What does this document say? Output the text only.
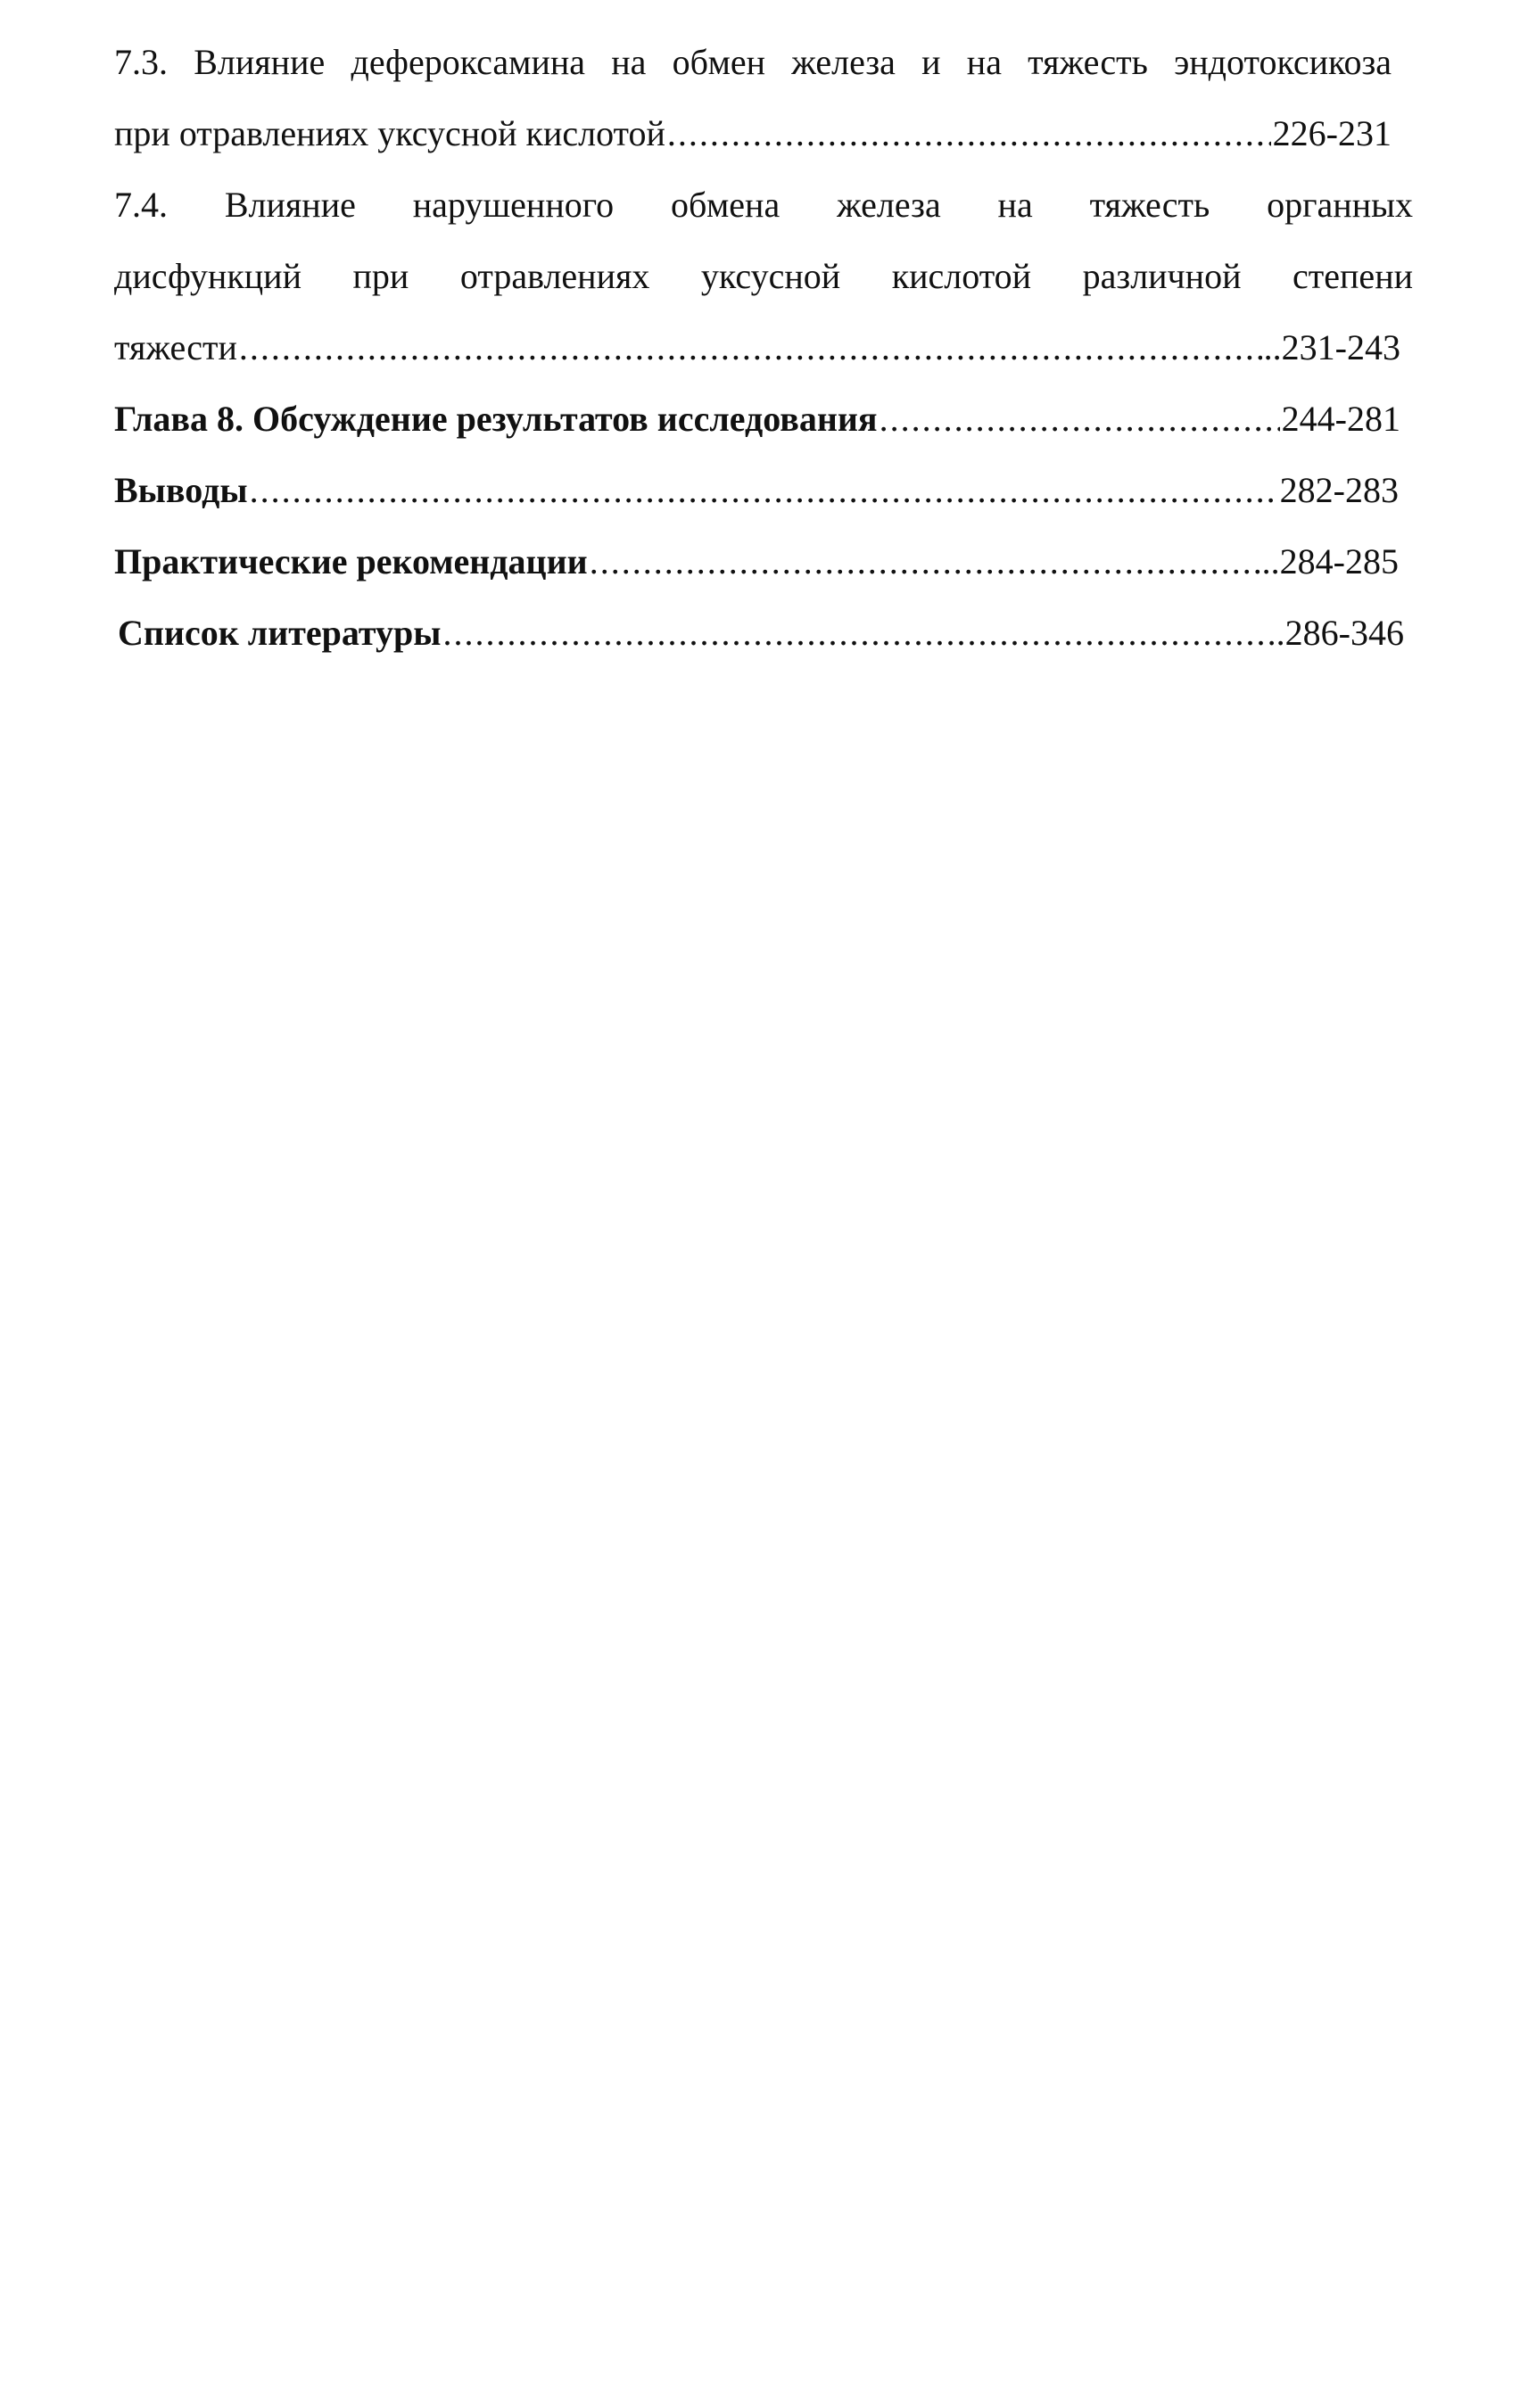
7.3. Влияние дефероксамина на обмен железа и на тяжесть эндотоксикоза
при отравлениях уксусной кислотой .....	226-231
7.4. Влияние нарушенного обмена железа на тяжесть органных
дисфункций при отравлениях уксусной кислотой различной степени
тяжести .....	..231-243
Глава 8. Обсуждение результатов исследования .....	244-281
Выводы .....	282-283
Практические рекомендации .....	..284-285
Список литературы .....	..286-346
